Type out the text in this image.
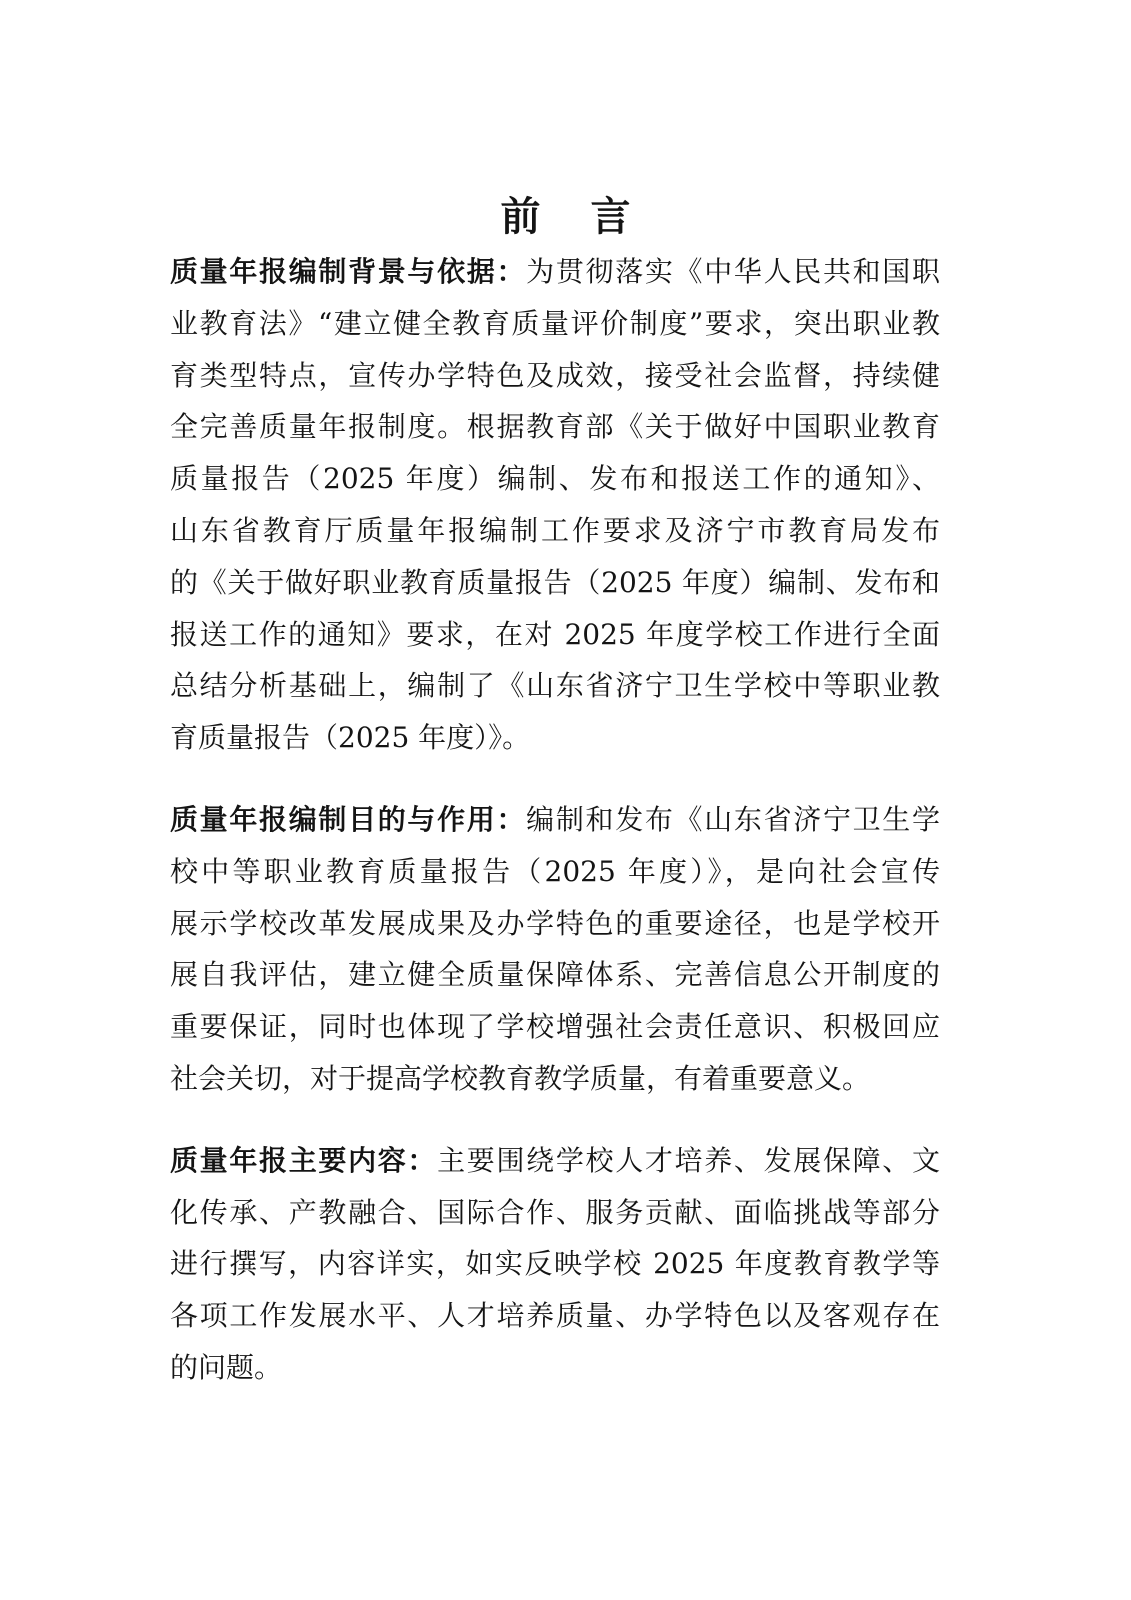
前 言
质量年报编制背景与依据：为贯彻落实《中华人民共和国职
业教育法》“建立健全教育质量评价制度”要求，突出职业教
育类型特点，宣传办学特色及成效，接受社会监督，持续健
全完善质量年报制度。根据教育部《关于做好中国职业教育
质量报告（2025 年度）编制、发布和报送工作的通知》、
山东省教育厅质量年报编制工作要求及济宁市教育局发布
的《关于做好职业教育质量报告（2025 年度）编制、发布和
报送工作的通知》要求，在对 2025 年度学校工作进行全面
总结分析基础上，编制了《山东省济宁卫生学校中等职业教
育质量报告（2025 年度）》。
质量年报编制目的与作用：编制和发布《山东省济宁卫生学
校中等职业教育质量报告（2025 年度）》，是向社会宣传
展示学校改革发展成果及办学特色的重要途径，也是学校开
展自我评估，建立健全质量保障体系、完善信息公开制度的
重要保证，同时也体现了学校增强社会责任意识、积极回应
社会关切，对于提高学校教育教学质量，有着重要意义。
质量年报主要内容：主要围绕学校人才培养、发展保障、文
化传承、产教融合、国际合作、服务贡献、面临挑战等部分
进行撰写，内容详实，如实反映学校 2025 年度教育教学等
各项工作发展水平、人才培养质量、办学特色以及客观存在
的问题。
